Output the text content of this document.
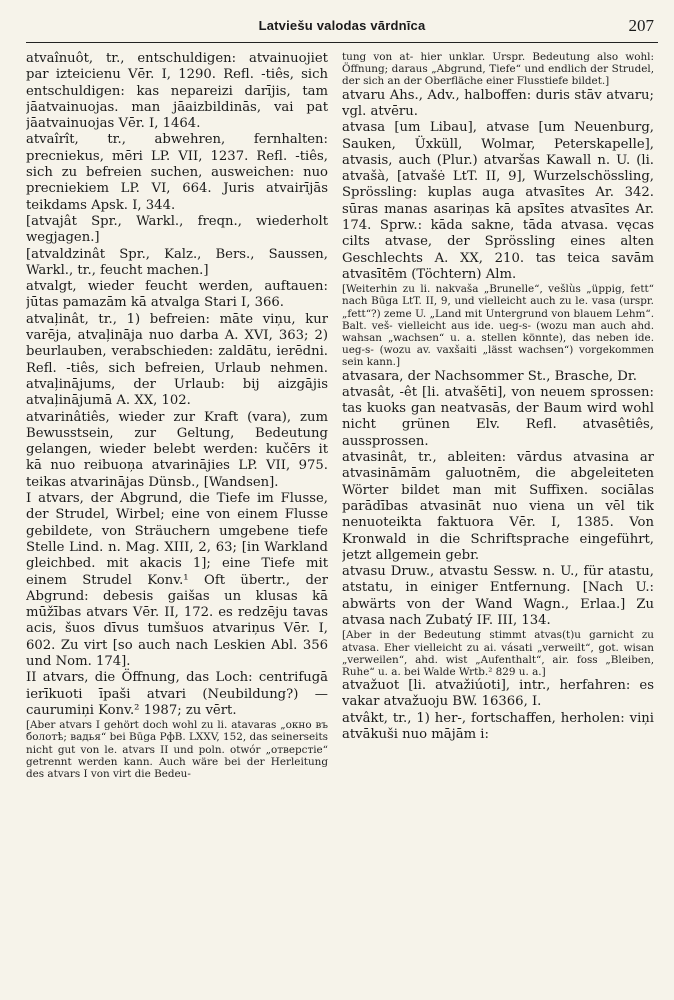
Latviešu valodas vārdnīca	207

atvaînuôt, tr., entschuldigen: atvainuojiet par izteicienu Vēr. I, 1290. Refl. -tiês, sich entschuldigen: kas nepareizi darījis, tam jāatvainuojas. man jāaizbildinās, vai pat jāatvainuojas Vēr. I, 1464.

atvaîrît, tr., abwehren, fernhalten: precniekus, mēri LP. VII, 1237. Refl. -tiês, sich zu befreien suchen, ausweichen: nuo precniekiem LP. VI, 664. Juris atvairījās teikdams Apsk. I, 344.

[atvajât Spr., Warkl., freqn., wiederholt wegjagen.]

[atvaldzinât Spr., Kalz., Bers., Saussen, Warkl., tr., feucht machen.]

atvalgt, wieder feucht werden, auftauen: jūtas pamazām kā atvalga Stari I, 366.

atvaļinât, tr., 1) befreien: māte viņu, kur varēja, atvaļināja nuo darba A. XVI, 363; 2) beurlauben, verabschieden: zaldātu, ierēdni. Refl. -tiês, sich befreien, Urlaub nehmen. atvaļinājums, der Urlaub: bij aizgājis atvaļinājumā A. XX, 102.

atvarinâtiês, wieder zur Kraft (vara), zum Bewusstsein, zur Geltung, Bedeutung gelangen, wieder belebt werden: kučērs it kā nuo reibuoņa atvarinājies LP. VII, 975. teikas atvarinājas Dünsb., [Wandsen].

I atvars, der Abgrund, die Tiefe im Flusse, der Strudel, Wirbel; eine von einem Flusse gebildete, von Sträuchern umgebene tiefe Stelle Lind. n. Mag. XIII, 2, 63; [in Warkland gleichbed. mit akacis 1]; eine Tiefe mit einem Strudel Konv.¹ Oft übertr., der Abgrund: debesis gaišas un klusas kā mūžības atvars Vēr. II, 172. es redzēju tavas acis, šuos dīvus tumšuos atvariņus Vēr. I, 602. Zu virt [so auch nach Leskien Abl. 356 und Nom. 174].

II atvars, die Öffnung, das Loch: centrifugā ierīkuoti īpaši atvari (Neubildung?) — caurumiņi Konv.² 1987; zu vērt.

[Aber atvars I gehört doch wohl zu li. atavaras „окно въ болотѣ; вадья“ bei Būga РфВ. LXXV, 152, das seinerseits nicht gut von le. atvars II und poln. otwór „отверстіе“ getrennt werden kann. Auch wäre bei der Herleitung des atvars I von virt die Bedeu-

tung von at- hier unklar. Urspr. Bedeutung also wohl: Öffnung; daraus „Abgrund, Tiefe“ und endlich der Strudel, der sich an der Oberfläche einer Flusstiefe bildet.]

atvaru Ahs., Adv., halboffen: duris stāv atvaru; vgl. atvēru.

atvasa [um Libau], atvase [um Neuenburg, Sauken, Üxküll, Wolmar, Peterskapelle], atvasis, auch (Plur.) atvaršas Kawall n. U. (li. atvašà, [atvašė LtT. II, 9], Wurzelschössling, Sprössling: kuplas auga atvasītes Ar. 342. sūras manas asariņas kā apsītes atvasītes Ar. 174. Sprw.: kāda sakne, tāda atvasa. vęcas cilts atvase, der Sprössling eines alten Geschlechts A. XX, 210. tas teica savām atvasītēm (Töchtern) Alm.

[Weiterhin zu li. nakvaša „Brunelle“, vešlùs „üppig, fett“ nach Būga LtT. II, 9, und vielleicht auch zu le. vasa (urspr. „fett“?) zeme U. „Land mit Untergrund von blauem Lehm“. Balt. veš- vielleicht aus ide. ueg-s- (wozu man auch ahd. wahsan „wachsen“ u. a. stellen könnte), das neben ide. ueg-s- (wozu av. vaxšaiti „lässt wachsen“) vorgekommen sein kann.]

atvasara, der Nachsommer St., Brasche, Dr.

atvasât, -êt [li. atvašēti], von neuem sprossen: tas kuoks gan neatvasās, der Baum wird wohl nicht grünen Elv. Refl. atvasêtiês, aussprossen.

atvasinât, tr., ableiten: vārdus atvasina ar atvasināmām galuotnēm, die abgeleiteten Wörter bildet man mit Suffixen. sociālas parādības atvasināt nuo viena un vēl tik nenuoteikta faktuora Vēr. I, 1385. Von Kronwald in die Schriftsprache eingeführt, jetzt allgemein gebr.

atvasu Druw., atvastu Sessw. n. U., für atastu, atstatu, in einiger Entfernung. [Nach U.: abwärts von der Wand Wagn., Erlaa.] Zu atvasa nach Zubatý IF. III, 134.

[Aber in der Bedeutung stimmt atvas(t)u garnicht zu atvasa. Eher vielleicht zu ai. vásati „verweilt“, got. wisan „verweilen“, ahd. wist „Aufenthalt“, air. foss „Bleiben, Ruhe“ u. a. bei Walde Wrtb.² 829 u. a.]

atvažuot [li. atvažiúoti], intr., herfahren: es vakar atvažuoju BW. 16366, I.

atvâkt, tr., 1) her-, fortschaffen, herholen: viņi atvākuši nuo mājām i:
